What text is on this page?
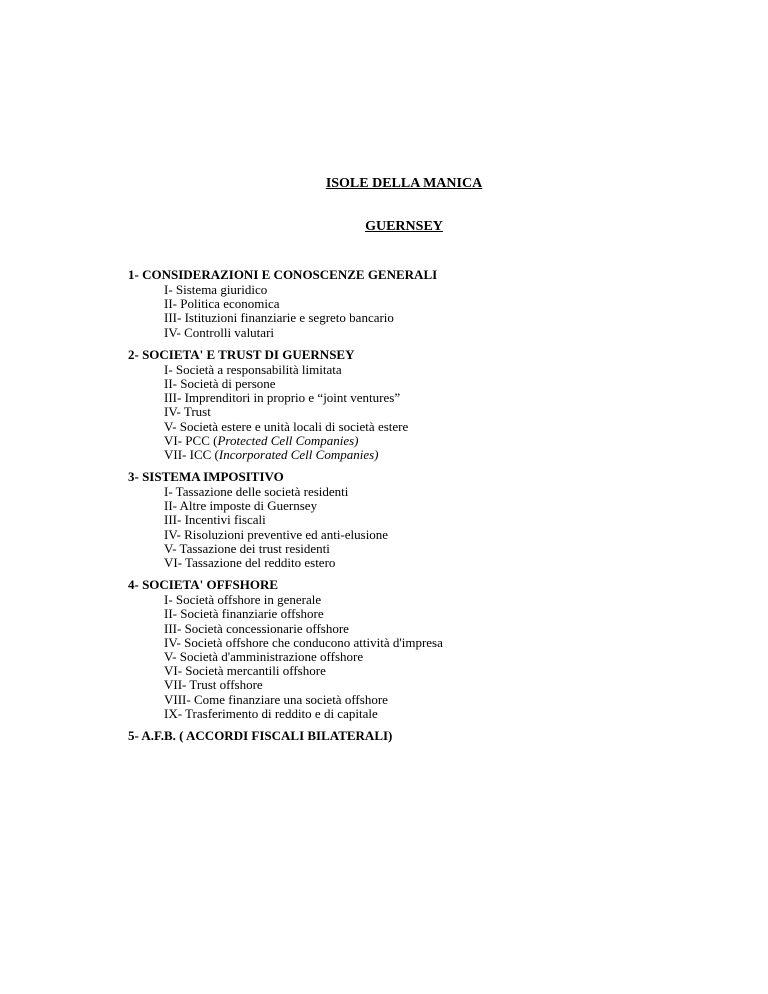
ISOLE DELLA MANICA
GUERNSEY
1- CONSIDERAZIONI E CONOSCENZE GENERALI
I- Sistema giuridico
II- Politica economica
III- Istituzioni finanziarie e segreto bancario
IV- Controlli valutari
2- SOCIETA' E TRUST DI GUERNSEY
I- Società a responsabilità limitata
II- Società di persone
III- Imprenditori in proprio e “joint ventures”
IV- Trust
V- Società estere e unità locali di società estere
VI- PCC (Protected Cell Companies)
VII- ICC (Incorporated Cell Companies)
3- SISTEMA IMPOSITIVO
I- Tassazione delle società residenti
II- Altre imposte di Guernsey
III- Incentivi fiscali
IV- Risoluzioni preventive ed anti-elusione
V- Tassazione dei trust residenti
VI- Tassazione del reddito estero
4- SOCIETA' OFFSHORE
I- Società offshore in generale
II- Società finanziarie offshore
III- Società concessionarie offshore
IV- Società offshore che conducono attività d'impresa
V- Società d'amministrazione offshore
VI- Società mercantili offshore
VII- Trust offshore
VIII- Come finanziare una società offshore
IX- Trasferimento di reddito e di capitale
5- A.F.B. ( ACCORDI FISCALI BILATERALI)
